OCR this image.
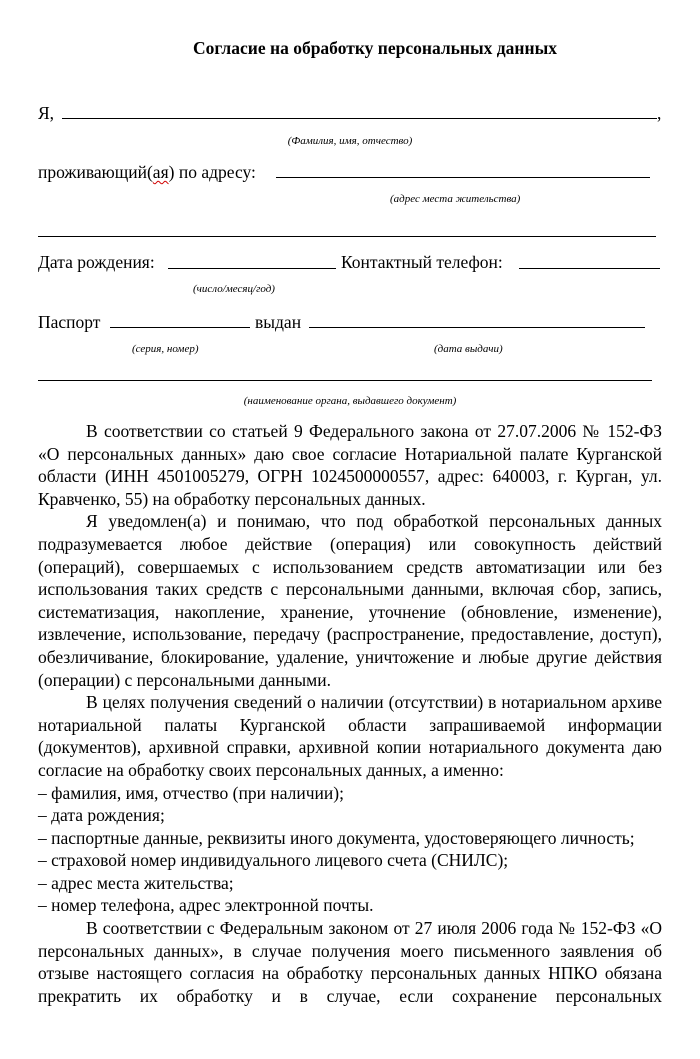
Согласие на обработку персональных данных
Я,	,
(Фамилия, имя, отчество)
проживающий(ая) по адресу:
(адрес места жительства)
Дата рождения:	Контактный телефон:
(число/месяц/год)
Паспорт	выдан
(серия, номер)	(дата выдачи)
(наименование органа, выдавшего документ)

В соответствии со статьей 9 Федерального закона от 27.07.2006 № 152-ФЗ «О персональных данных» даю свое согласие Нотариальной палате Курганской области (ИНН 4501005279, ОГРН 1024500000557, адрес: 640003, г. Курган, ул. Кравченко, 55) на обработку персональных данных.

Я уведомлен(а) и понимаю, что под обработкой персональных данных подразумевается любое действие (операция) или совокупность действий (операций), совершаемых с использованием средств автоматизации или без использования таких средств с персональными данными, включая сбор, запись, систематизация, накопление, хранение, уточнение (обновление, изменение), извлечение, использование, передачу (распространение, предоставление, доступ), обезличивание, блокирование, удаление, уничтожение и любые другие действия (операции) с персональными данными.

В целях получения сведений о наличии (отсутствии) в нотариальном архиве нотариальной палаты Курганской области запрашиваемой информации (документов), архивной справки, архивной копии нотариального документа даю согласие на обработку своих персональных данных, а именно:

– фамилия, имя, отчество (при наличии);

– дата рождения;

– паспортные данные, реквизиты иного документа, удостоверяющего личность;

– страховой номер индивидуального лицевого счета (СНИЛС);

– адрес места жительства;

– номер телефона, адрес электронной почты.

В соответствии с Федеральным законом от 27 июля 2006 года № 152-ФЗ «О персональных данных», в случае получения моего письменного заявления об отзыве настоящего согласия на обработку персональных данных НПКО обязана прекратить их обработку и в случае, если сохранение персональных
